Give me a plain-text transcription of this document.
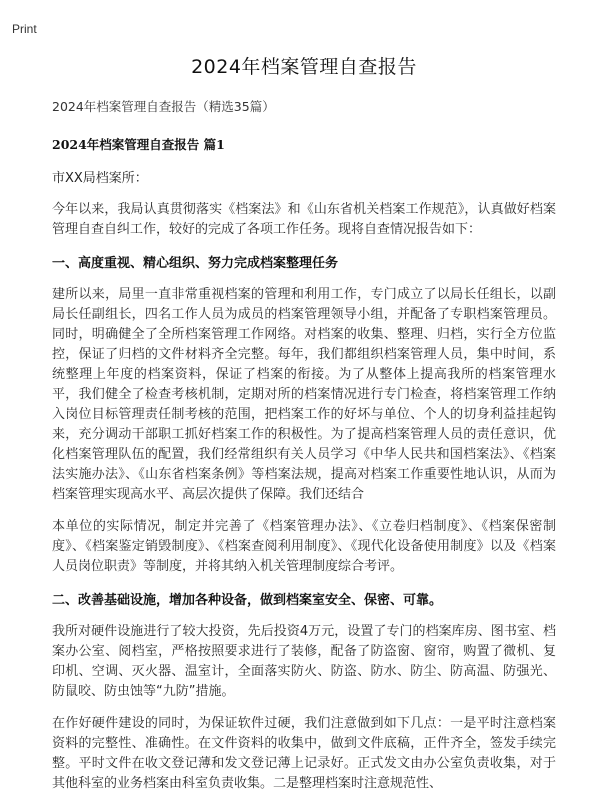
Print
2024年档案管理自查报告
2024年档案管理自查报告（精选35篇）
2024年档案管理自查报告 篇1
市XX局档案所：

今年以来，我局认真贯彻落实《档案法》和《山东省机关档案工作规范》，认真做好档案管理自查自纠工作，较好的完成了各项工作任务。现将自查情况报告如下：

一、高度重视、精心组织、努力完成档案整理任务

建所以来，局里一直非常重视档案的管理和利用工作，专门成立了以局长任组长，以副局长任副组长，四名工作人员为成员的档案管理领导小组，并配备了专职档案管理员。同时，明确健全了全所档案管理工作网络。对档案的收集、整理、归档，实行全方位监控，保证了归档的文件材料齐全完整。每年，我们都组织档案管理人员，集中时间，系统整理上年度的档案资料，保证了档案的衔接。为了从整体上提高我所的档案管理水平，我们健全了检查考核机制，定期对所的档案情况进行专门检查，将档案管理工作纳入岗位目标管理责任制考核的范围，把档案工作的好坏与单位、个人的切身利益挂起钩来，充分调动干部职工抓好档案工作的积极性。为了提高档案管理人员的责任意识，优化档案管理队伍的配置，我们经常组织有关人员学习《中华人民共和国档案法》、《档案法实施办法》、《山东省档案条例》等档案法规，提高对档案工作重要性地认识，从而为档案管理实现高水平、高层次提供了保障。我们还结合

本单位的实际情况，制定并完善了《档案管理办法》、《立卷归档制度》、《档案保密制度》、《档案鉴定销毁制度》、《档案查阅利用制度》、《现代化设备使用制度》以及《档案人员岗位职责》等制度，并将其纳入机关管理制度综合考评。

二、改善基础设施，增加各种设备，做到档案室安全、保密、可靠。

我所对硬件设施进行了较大投资，先后投资4万元，设置了专门的档案库房、图书室、档案办公室、阅档室，严格按照要求进行了装修，配备了防盗窗、窗帘，购置了微机、复印机、空调、灭火器、温室计，全面落实防火、防盗、防水、防尘、防高温、防强光、防鼠咬、防虫蚀等“九防”措施。

在作好硬件建设的同时，为保证软件过硬，我们注意做到如下几点：一是平时注意档案资料的完整性、准确性。在文件资料的收集中，做到文件底稿，正件齐全，签发手续完整。平时文件在收文登记薄和发文登记薄上记录好。正式发文由办公室负责收集，对于其他科室的业务档案由科室负责收集。二是整理档案时注意规范性、
